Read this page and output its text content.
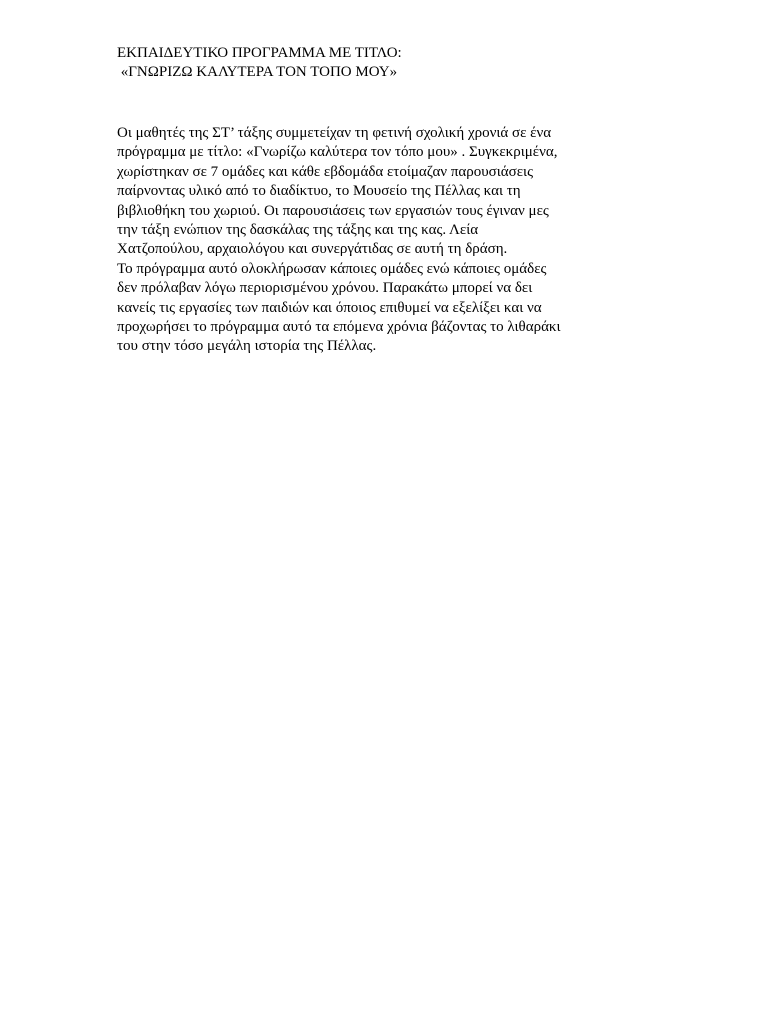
ΕΚΠΑΙΔΕΥΤΙΚΟ ΠΡΟΓΡΑΜΜΑ ΜΕ ΤΙΤΛΟ:
«ΓΝΩΡΙΖΩ ΚΑΛΥΤΕΡΑ ΤΟΝ ΤΟΠΟ ΜΟΥ»
Οι μαθητές της ΣΤ’ τάξης συμμετείχαν τη φετινή σχολική χρονιά σε ένα
πρόγραμμα με τίτλο: «Γνωρίζω καλύτερα τον τόπο μου» . Συγκεκριμένα,
χωρίστηκαν σε 7 ομάδες και κάθε εβδομάδα ετοίμαζαν παρουσιάσεις
παίρνοντας υλικό από το διαδίκτυο, το Μουσείο της Πέλλας και τη
βιβλιοθήκη του χωριού. Οι παρουσιάσεις των εργασιών τους έγιναν μες
την τάξη ενώπιον της δασκάλας της τάξης και της κας. Λεία
Χατζοπούλου, αρχαιολόγου και συνεργάτιδας σε αυτή τη δράση.
Το πρόγραμμα αυτό ολοκλήρωσαν κάποιες ομάδες ενώ κάποιες ομάδες
δεν πρόλαβαν λόγω περιορισμένου χρόνου. Παρακάτω μπορεί να δει
κανείς τις εργασίες των παιδιών και όποιος επιθυμεί να εξελίξει και να
προχωρήσει το πρόγραμμα αυτό τα επόμενα χρόνια βάζοντας το λιθαράκι
του στην τόσο μεγάλη ιστορία της Πέλλας.
